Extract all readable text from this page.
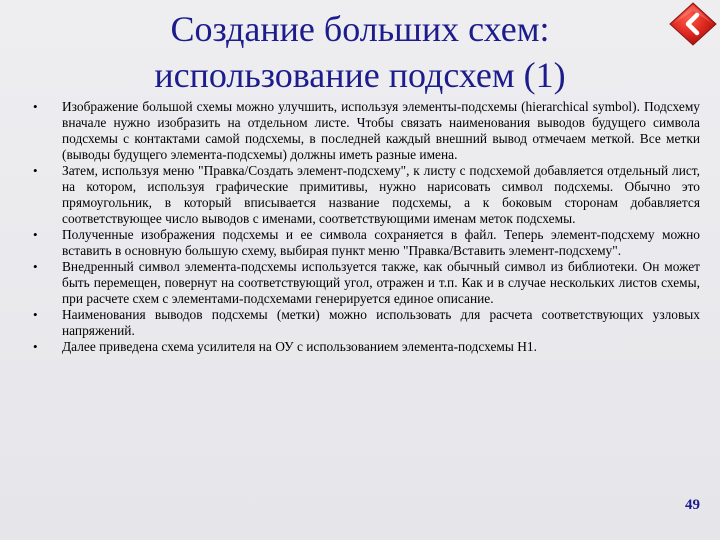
Создание больших схем:
использование подсхем (1)
• Изображение большой схемы можно улучшить, используя элементы-подсхемы (hierarchical symbol). Подсхему вначале нужно изобразить на отдельном листе. Чтобы связать наименования выводов будущего символа подсхемы с контактами самой подсхемы, в последней каждый внешний вывод отмечаем меткой. Все метки (выводы будущего элемента-подсхемы) должны иметь разные имена.
• Затем, используя меню "Правка/Создать элемент-подсхему", к листу с подсхемой добавляется отдельный лист, на котором, используя графические примитивы, нужно нарисовать символ подсхемы. Обычно это прямоугольник, в который вписывается название подсхемы, а к боковым сторонам добавляется соответствующее число выводов с именами, соответствующими именам меток подсхемы.
• Полученные изображения подсхемы и ее символа сохраняется в файл. Теперь элемент-подсхему можно вставить в основную большую схему, выбирая пункт меню "Правка/Вставить элемент-подсхему".
• Внедренный символ элемента-подсхемы используется также, как обычный символ из библиотеки. Он может быть перемещен, повернут на соответствующий угол, отражен и т.п. Как и в случае нескольких листов схемы, при расчете схем с элементами-подсхемами генерируется единое описание.
• Наименования выводов подсхемы (метки) можно использовать для расчета соответствующих узловых напряжений.
• Далее приведена схема усилителя на ОУ с использованием элемента-подсхемы H1.
49
